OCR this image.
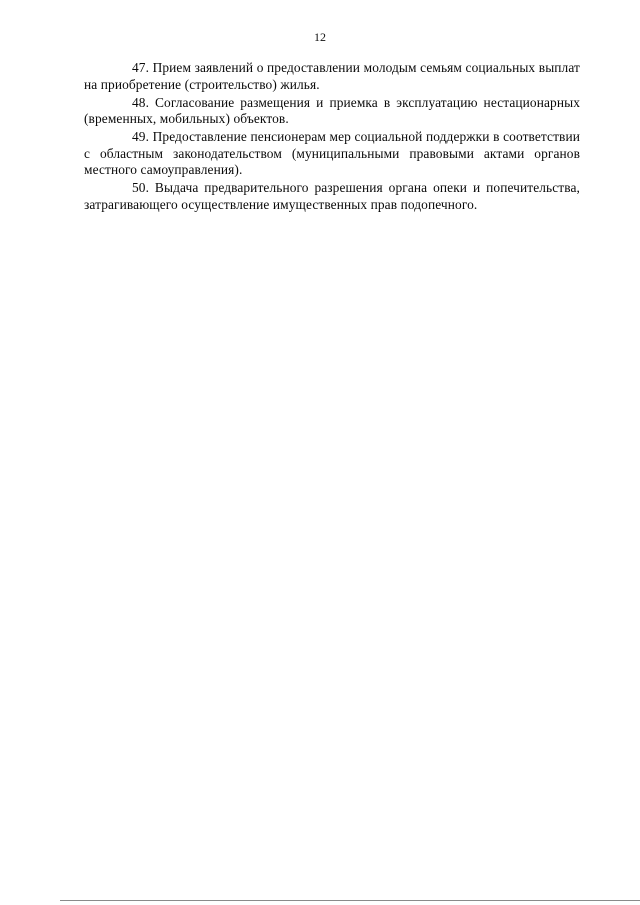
12

47. Прием заявлений о предоставлении молодым семьям социальных выплат на приобретение (строительство) жилья.

48. Согласование размещения и приемка в эксплуатацию нестационарных (временных, мобильных) объектов.

49. Предоставление пенсионерам мер социальной поддержки в соответствии с областным законодательством (муниципальными правовыми актами органов местного самоуправления).

50. Выдача предварительного разрешения органа опеки и попечительства, затрагивающего осуществление имущественных прав подопечного.
